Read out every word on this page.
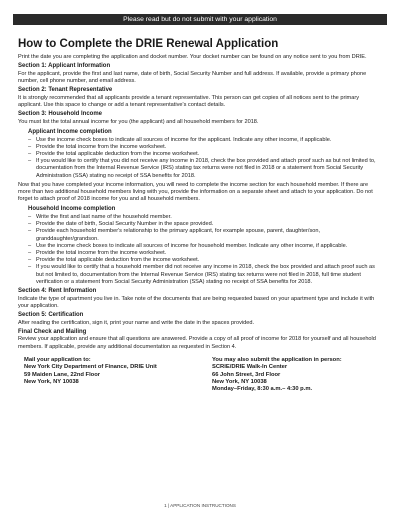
Please read but do not submit with your application
How to Complete the DRIE Renewal Application

Print the date you are completing the application and docket number. Your docket number can be found on any notice sent to you from DRIE.

Section 1: Applicant Information

For the applicant, provide the first and last name, date of birth, Social Security Number and full address. If available, provide a primary phone number, cell phone number, and email address.

Section 2: Tenant Representative

It is strongly recommended that all applicants provide a tenant representative. This person can get copies of all notices sent to the primary applicant. Use this space to change or add a tenant representative's contact details.

Section 3: Household Income

You must list the total annual income for you (the applicant) and all household members for 2018.

Applicant Income completion
– Use the income check boxes to indicate all sources of income for the applicant. Indicate any other income, if applicable.
– Provide the total income from the income worksheet.
– Provide the total applicable deduction from the income worksheet.
– If you would like to certify that you did not receive any income in 2018, check the box provided and attach proof such as but not limited to, documentation from the Internal Revenue Service (IRS) stating tax returns were not filed in 2018 or a statement from Social Security Administration (SSA) stating no receipt of SSA benefits for 2018.

Now that you have completed your income information, you will need to complete the income section for each household member. If there are more than two additional household members living with you, provide the information on a separate sheet and attach to your application. Do not forget to attach proof of 2018 income for you and all household members.

Household Income completion
– Write the first and last name of the household member.
– Provide the date of birth, Social Security Number in the space provided.
– Provide each household member's relationship to the primary applicant, for example spouse, parent, daughter/son, granddaughter/grandson.
– Use the income check boxes to indicate all sources of income for household member. Indicate any other income, if applicable.
– Provide the total income from the income worksheet.
– Provide the total applicable deduction from the income worksheet.
– If you would like to certify that a household member did not receive any income in 2018, check the box provided and attach proof such as but not limited to, documentation from the Internal Revenue Service (IRS) stating tax returns were not filed in 2018, full time student verification or a statement from Social Security Administration (SSA) stating no receipt of SSA benefits for 2018.
Section 4: Rent Information

Indicate the type of apartment you live in. Take note of the documents that are being requested based on your apartment type and include it with your application.

Section 5: Certification

After reading the certification, sign it, print your name and write the date in the spaces provided.

Final Check and Mailing

Review your application and ensure that all questions are answered. Provide a copy of all proof of income for 2018 for yourself and all household members. If applicable, provide any additional documentation as requested in Section 4.

Mail your application to:
New York City Department of Finance, DRIE Unit
59 Maiden Lane, 22nd Floor
New York, NY 10038
You may also submit the application in person:
SCRIE/DRIE Walk-In Center
66 John Street, 3rd Floor
New York, NY 10038
Monday–Friday, 8:30 a.m.– 4:30 p.m.
1 | APPLICATION INSTRUCTIONS
